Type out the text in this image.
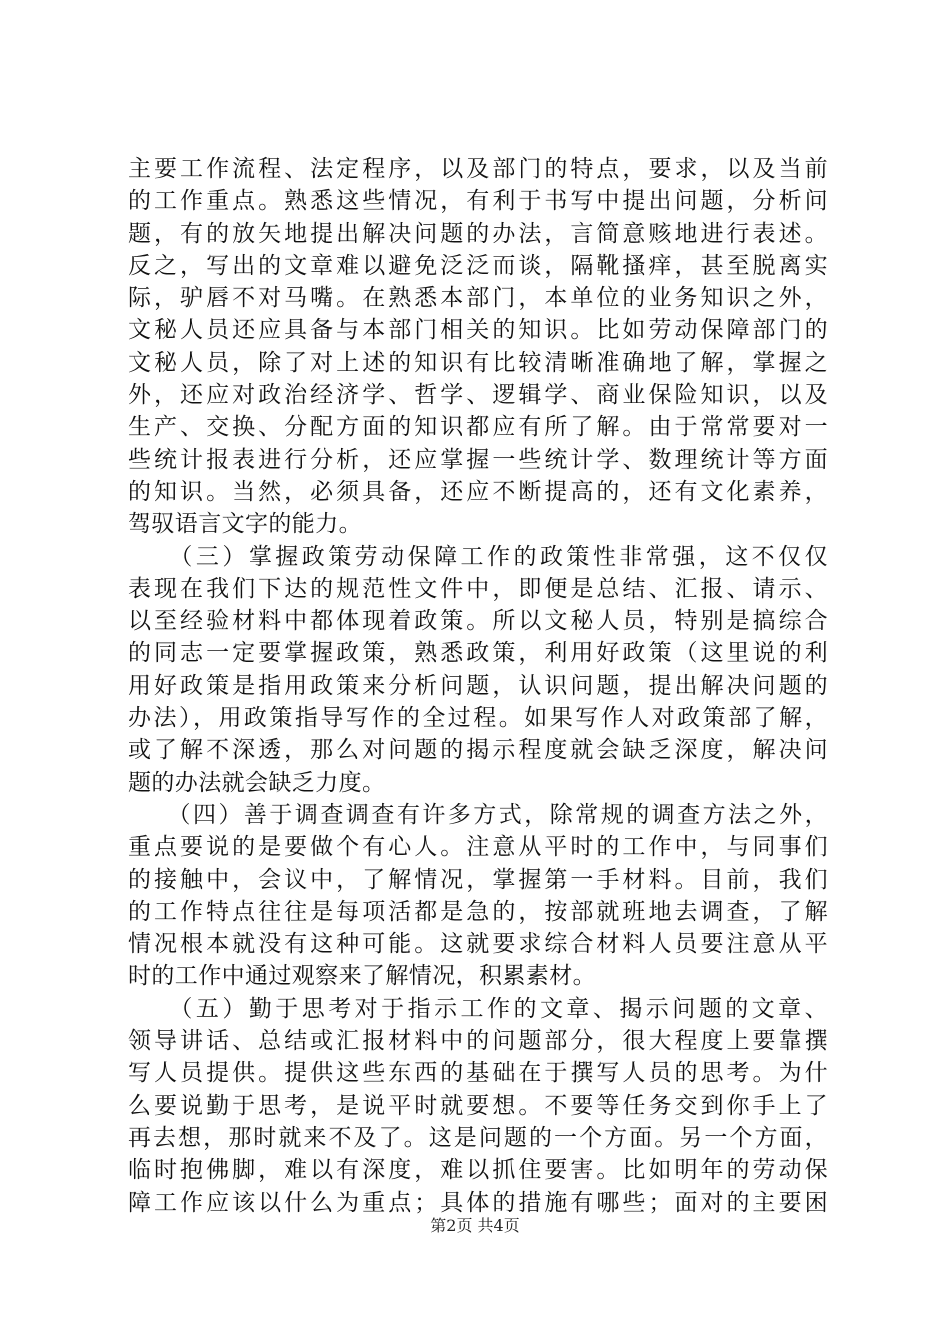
主要工作流程、法定程序，以及部门的特点，要求，以及当前
的工作重点。熟悉这些情况，有利于书写中提出问题，分析问
题，有的放矢地提出解决问题的办法，言简意赅地进行表述。
反之，写出的文章难以避免泛泛而谈，隔靴搔痒，甚至脱离实
际，驴唇不对马嘴。在熟悉本部门，本单位的业务知识之外，
文秘人员还应具备与本部门相关的知识。比如劳动保障部门的
文秘人员，除了对上述的知识有比较清晰准确地了解，掌握之
外，还应对政治经济学、哲学、逻辑学、商业保险知识，以及
生产、交换、分配方面的知识都应有所了解。由于常常要对一
些统计报表进行分析，还应掌握一些统计学、数理统计等方面
的知识。当然，必须具备，还应不断提高的，还有文化素养，
驾驭语言文字的能力。
　　（三）掌握政策劳动保障工作的政策性非常强，这不仅仅
表现在我们下达的规范性文件中，即便是总结、汇报、请示、
以至经验材料中都体现着政策。所以文秘人员，特别是搞综合
的同志一定要掌握政策，熟悉政策，利用好政策（这里说的利
用好政策是指用政策来分析问题，认识问题，提出解决问题的
办法），用政策指导写作的全过程。如果写作人对政策部了解，
或了解不深透，那么对问题的揭示程度就会缺乏深度，解决问
题的办法就会缺乏力度。
　　（四）善于调查调查有许多方式，除常规的调查方法之外，
重点要说的是要做个有心人。注意从平时的工作中，与同事们
的接触中，会议中，了解情况，掌握第一手材料。目前，我们
的工作特点往往是每项活都是急的，按部就班地去调查，了解
情况根本就没有这种可能。这就要求综合材料人员要注意从平
时的工作中通过观察来了解情况，积累素材。
　　（五）勤于思考对于指示工作的文章、揭示问题的文章、
领导讲话、总结或汇报材料中的问题部分，很大程度上要靠撰
写人员提供。提供这些东西的基础在于撰写人员的思考。为什
么要说勤于思考，是说平时就要想。不要等任务交到你手上了
再去想，那时就来不及了。这是问题的一个方面。另一个方面，
临时抱佛脚，难以有深度，难以抓住要害。比如明年的劳动保
障工作应该以什么为重点；具体的措施有哪些；面对的主要困
第2页 共4页
